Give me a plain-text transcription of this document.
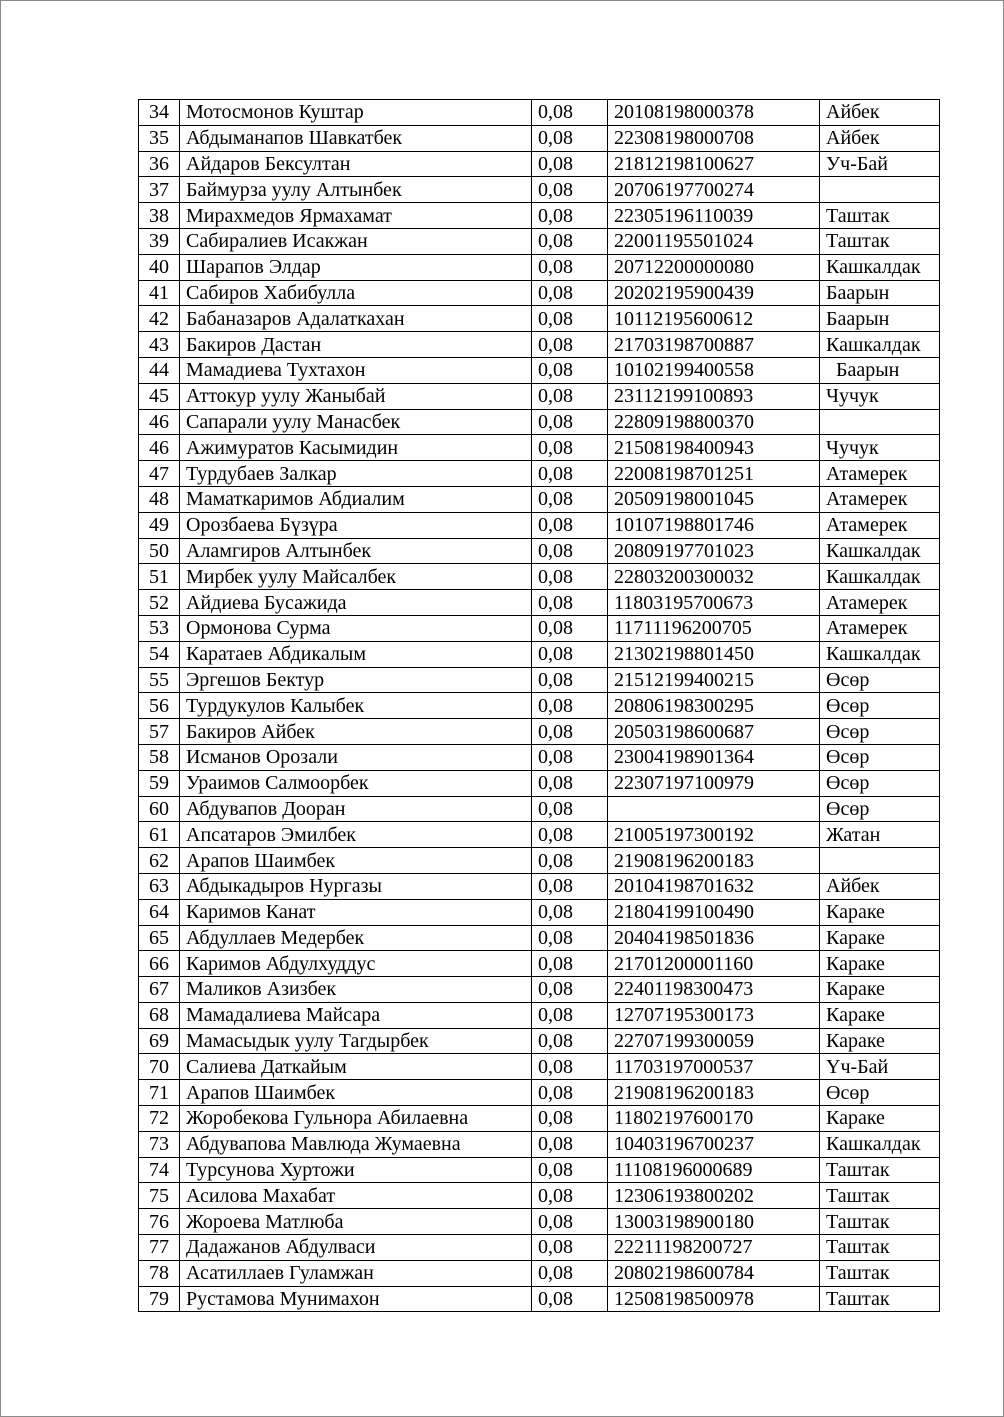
34	Мотосмонов Куштар	0,08	20108198000378	Айбек
35	Абдыманапов Шавкатбек	0,08	22308198000708	Айбек
36	Айдаров Бексултан	0,08	21812198100627	Уч-Бай
37	Баймурза уулу Алтынбек	0,08	20706197700274	
38	Мирахмедов Ярмахамат	0,08	22305196110039	Таштак
39	Сабиралиев Исакжан	0,08	22001195501024	Таштак
40	Шарапов Элдар	0,08	20712200000080	Кашкалдак
41	Сабиров Хабибулла	0,08	20202195900439	Баарын
42	Бабаназаров Адалаткахан	0,08	10112195600612	Баарын
43	Бакиров Дастан	0,08	21703198700887	Кашкалдак
44	Мамадиева Тухтахон	0,08	10102199400558	Баарын
45	Аттокур уулу Жаныбай	0,08	23112199100893	Чучук
46	Сапарали уулу Манасбек	0,08	22809198800370	
46	Ажимуратов Касымидин	0,08	21508198400943	Чучук
47	Турдубаев Залкар	0,08	22008198701251	Атамерек
48	Маматкаримов Абдиалим	0,08	20509198001045	Атамерек
49	Орозбаева Бүзүра	0,08	10107198801746	Атамерек
50	Аламгиров Алтынбек	0,08	20809197701023	Кашкалдак
51	Мирбек уулу Майсалбек	0,08	22803200300032	Кашкалдак
52	Айдиева Бусажида	0,08	11803195700673	Атамерек
53	Ормонова Сурма	0,08	11711196200705	Атамерек
54	Каратаев Абдикалым	0,08	21302198801450	Кашкалдак
55	Эргешов Бектур	0,08	21512199400215	Өсөр
56	Турдукулов Калыбек	0,08	20806198300295	Өсөр
57	Бакиров Айбек	0,08	20503198600687	Өсөр
58	Исманов Орозали	0,08	23004198901364	Өсөр
59	Ураимов Салмоорбек	0,08	22307197100979	Өсөр
60	Абдувапов Дooран	0,08		Өсөр
61	Апсатаров Эмилбек	0,08	21005197300192	Жатан
62	Арапов Шаимбек	0,08	21908196200183	
63	Абдыкадыров Нургазы	0,08	20104198701632	Айбек
64	Каримов Канат	0,08	21804199100490	Караке
65	Абдуллаев Медербек	0,08	20404198501836	Караке
66	Каримов Абдулхуддус	0,08	21701200001160	Караке
67	Маликов Азизбек	0,08	22401198300473	Караке
68	Мамадалиева Майсара	0,08	12707195300173	Караке
69	Мамасыдык уулу Тагдырбек	0,08	22707199300059	Караке
70	Салиева Даткайым	0,08	11703197000537	Үч-Бай
71	Арапов Шаимбек	0,08	21908196200183	Өсөр
72	Жоробекова Гульнора Абилаевна	0,08	11802197600170	Караке
73	Абдувапова Мавлюда Жумаевна	0,08	10403196700237	Кашкалдак
74	Турсунова Хуртожи	0,08	11108196000689	Таштак
75	Асилова Махабат	0,08	12306193800202	Таштак
76	Жороева Матлюба	0,08	13003198900180	Таштак
77	Дадажанов Абдулваси	0,08	22211198200727	Таштак
78	Асатиллаев Гуламжан	0,08	20802198600784	Таштак
79	Рустамова Мунимахон	0,08	12508198500978	Таштак
